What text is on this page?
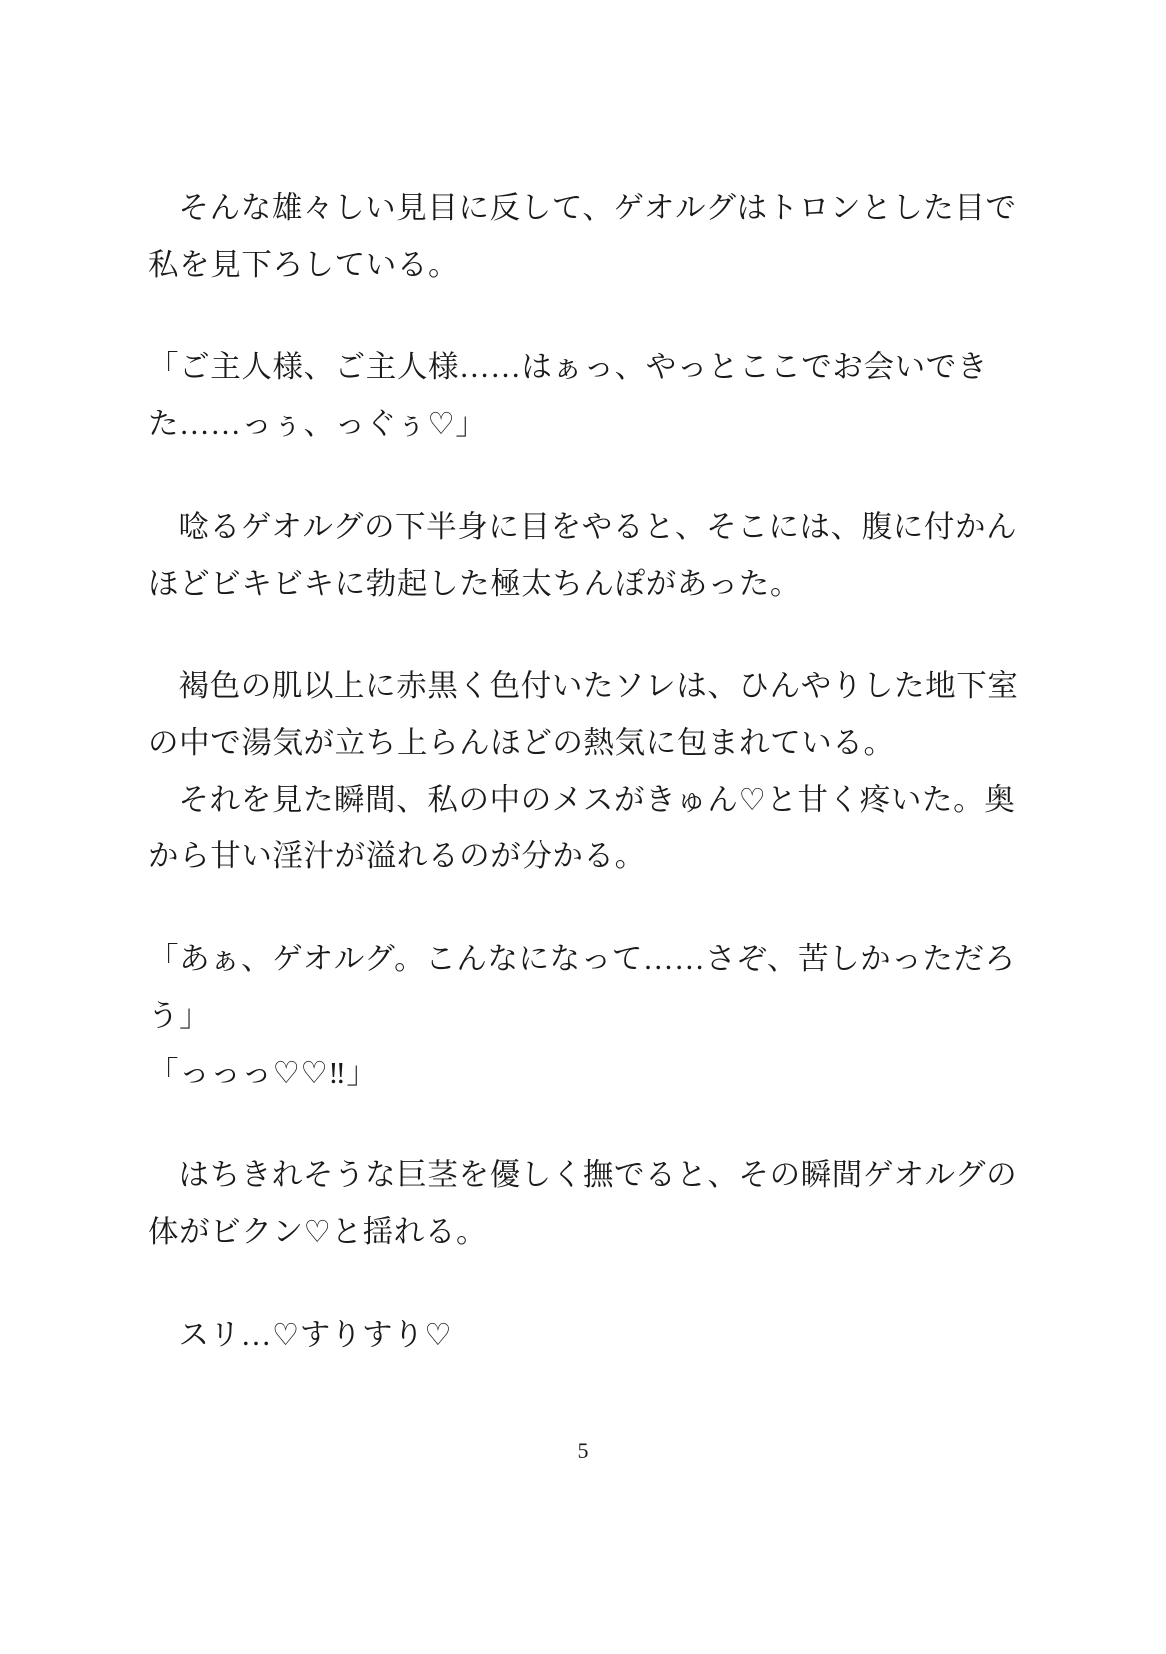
そんな雄々しい見目に反して、ゲオルグはトロンとした目で私を見下ろしている。

「ご主人様、ご主人様……はぁっ、やっとここでお会いできた……っぅ、っぐぅ♡」

唸るゲオルグの下半身に目をやると、そこには、腹に付かんほどビキビキに勃起した極太ちんぽがあった。

褐色の肌以上に赤黒く色付いたソレは、ひんやりした地下室の中で湯気が立ち上らんほどの熱気に包まれている。

それを見た瞬間、私の中のメスがきゅん♡と甘く疼いた。奥から甘い淫汁が溢れるのが分かる。

「あぁ、ゲオルグ。こんなになって……さぞ、苦しかっただろう」

「っっっ♡♡‼」

はちきれそうな巨茎を優しく撫でると、その瞬間ゲオルグの体がビクン♡と揺れる。

スリ…♡すりすり♡

5
